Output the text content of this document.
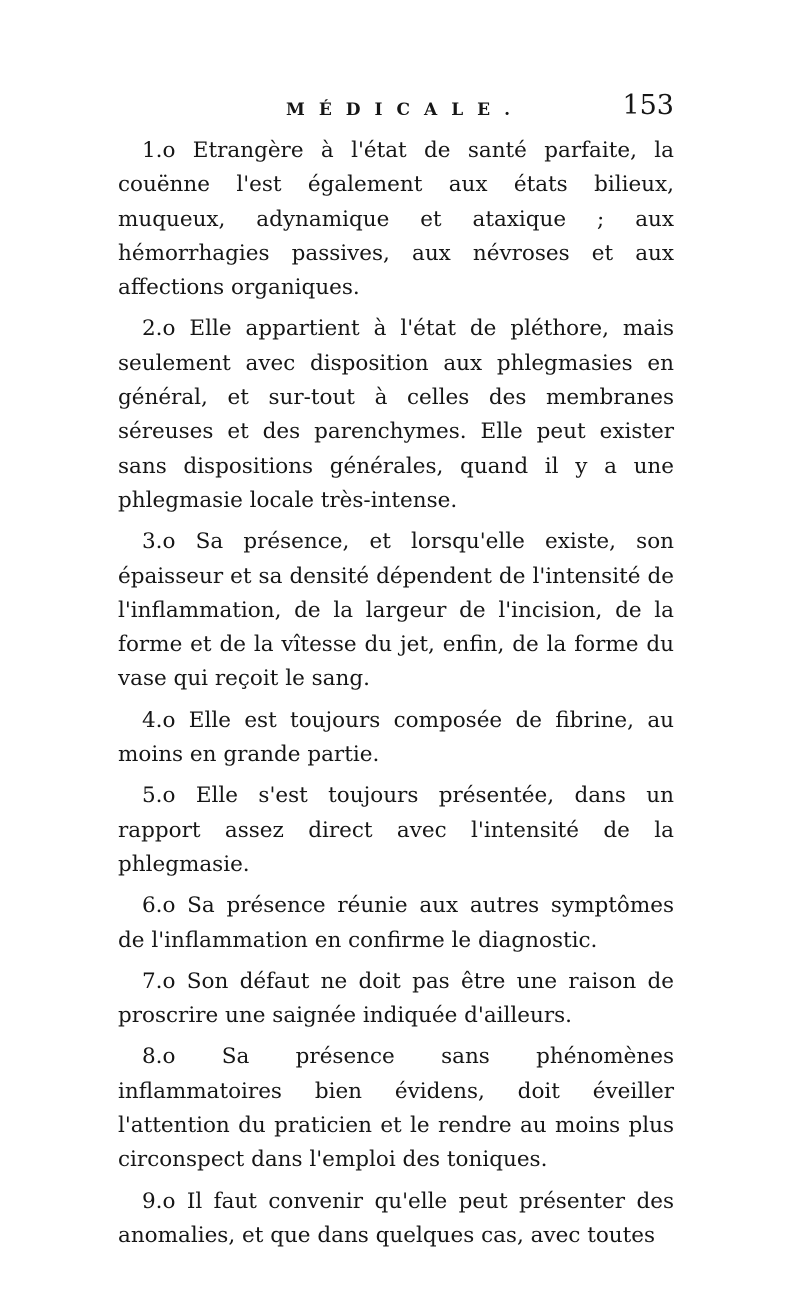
MÉDICALE.	153

1.o Etrangère à l'état de santé parfaite, la couënne l'est également aux états bilieux, muqueux, adynamique et ataxique ; aux hémorrhagies passives, aux névroses et aux affections organiques.

2.o Elle appartient à l'état de pléthore, mais seulement avec disposition aux phlegmasies en général, et sur-tout à celles des membranes séreuses et des parenchymes. Elle peut exister sans dispositions générales, quand il y a une phlegmasie locale très-intense.

3.o Sa présence, et lorsqu'elle existe, son épaisseur et sa densité dépendent de l'intensité de l'inflammation, de la largeur de l'incision, de la forme et de la vîtesse du jet, enfin, de la forme du vase qui reçoit le sang.

4.o Elle est toujours composée de fibrine, au moins en grande partie.

5.o Elle s'est toujours présentée, dans un rapport assez direct avec l'intensité de la phlegmasie.

6.o Sa présence réunie aux autres symptômes de l'inflammation en confirme le diagnostic.

7.o Son défaut ne doit pas être une raison de proscrire une saignée indiquée d'ailleurs.

8.o Sa présence sans phénomènes inflammatoires bien évidens, doit éveiller l'attention du praticien et le rendre au moins plus circonspect dans l'emploi des toniques.

9.o Il faut convenir qu'elle peut présenter des anomalies, et que dans quelques cas, avec toutes
